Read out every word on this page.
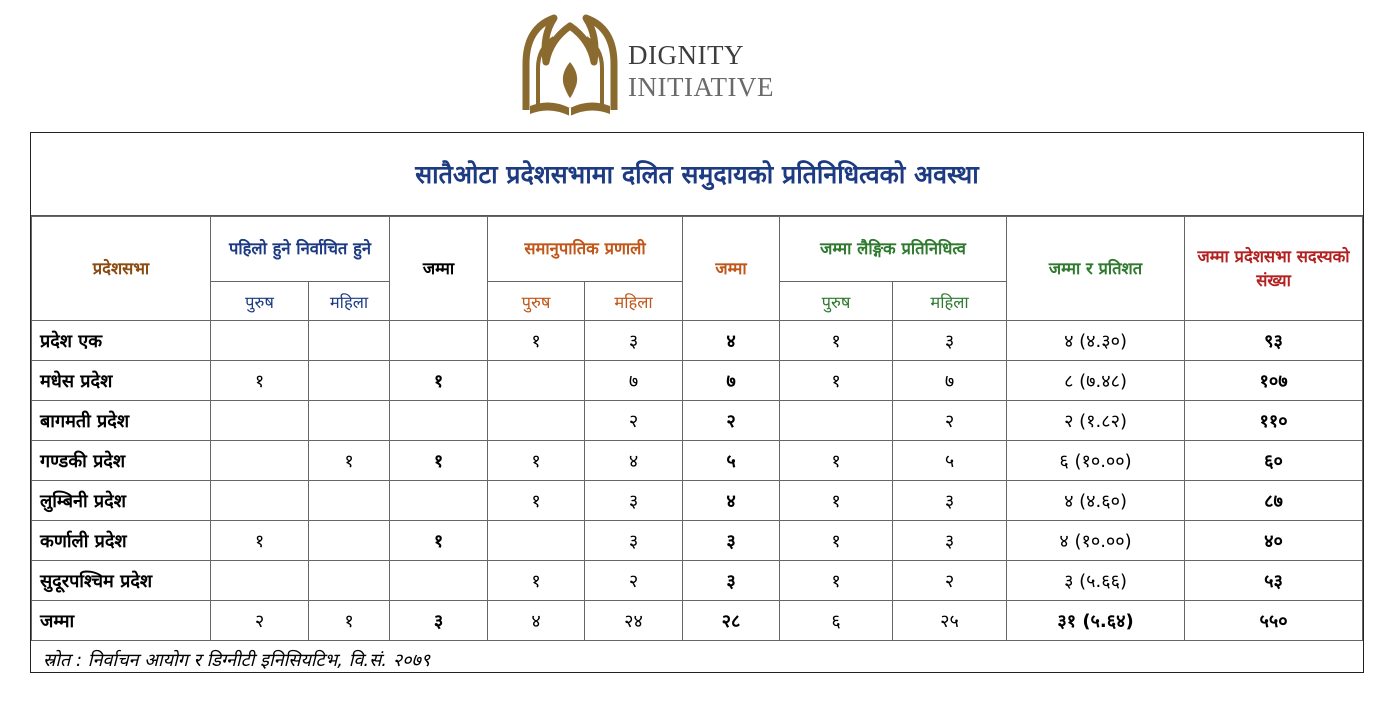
DIGNITY
INITIATIVE
सातैओटा प्रदेशसभामा दलित समुदायको प्रतिनिधित्वको अवस्था
प्रदेशसभा	पहिलो हुने निर्वाचित हुने		जम्मा	समानुपातिक प्रणाली		जम्मा	जम्मा लैङ्गिक प्रतिनिधित्व		जम्मा र प्रतिशत	जम्मा प्रदेशसभा सदस्यको संख्या
	पुरुष	महिला		पुरुष	महिला		पुरुष	महिला		
प्रदेश एक				१	३	४	१	३	४ (४.३०)	९३
मधेस प्रदेश	१		१		७	७	१	७	८ (७.४८)	१०७
बागमती प्रदेश					२	२		२	२ (१.८२)	११०
गण्डकी प्रदेश		१	१	१	४	५	१	५	६ (१०.००)	६०
लुम्बिनी प्रदेश				१	३	४	१	३	४ (४.६०)	८७
कर्णाली प्रदेश	१		१		३	३	१	३	४ (१०.००)	४०
सुदूरपश्चिम प्रदेश				१	२	३	१	२	३ (५.६६)	५३
जम्मा	२	१	३	४	२४	२८	६	२५	३१ (५.६४)	५५०
स्रोत : निर्वाचन आयोग र डिग्नीटी इनिसियटिभ, वि.सं. २०७९
